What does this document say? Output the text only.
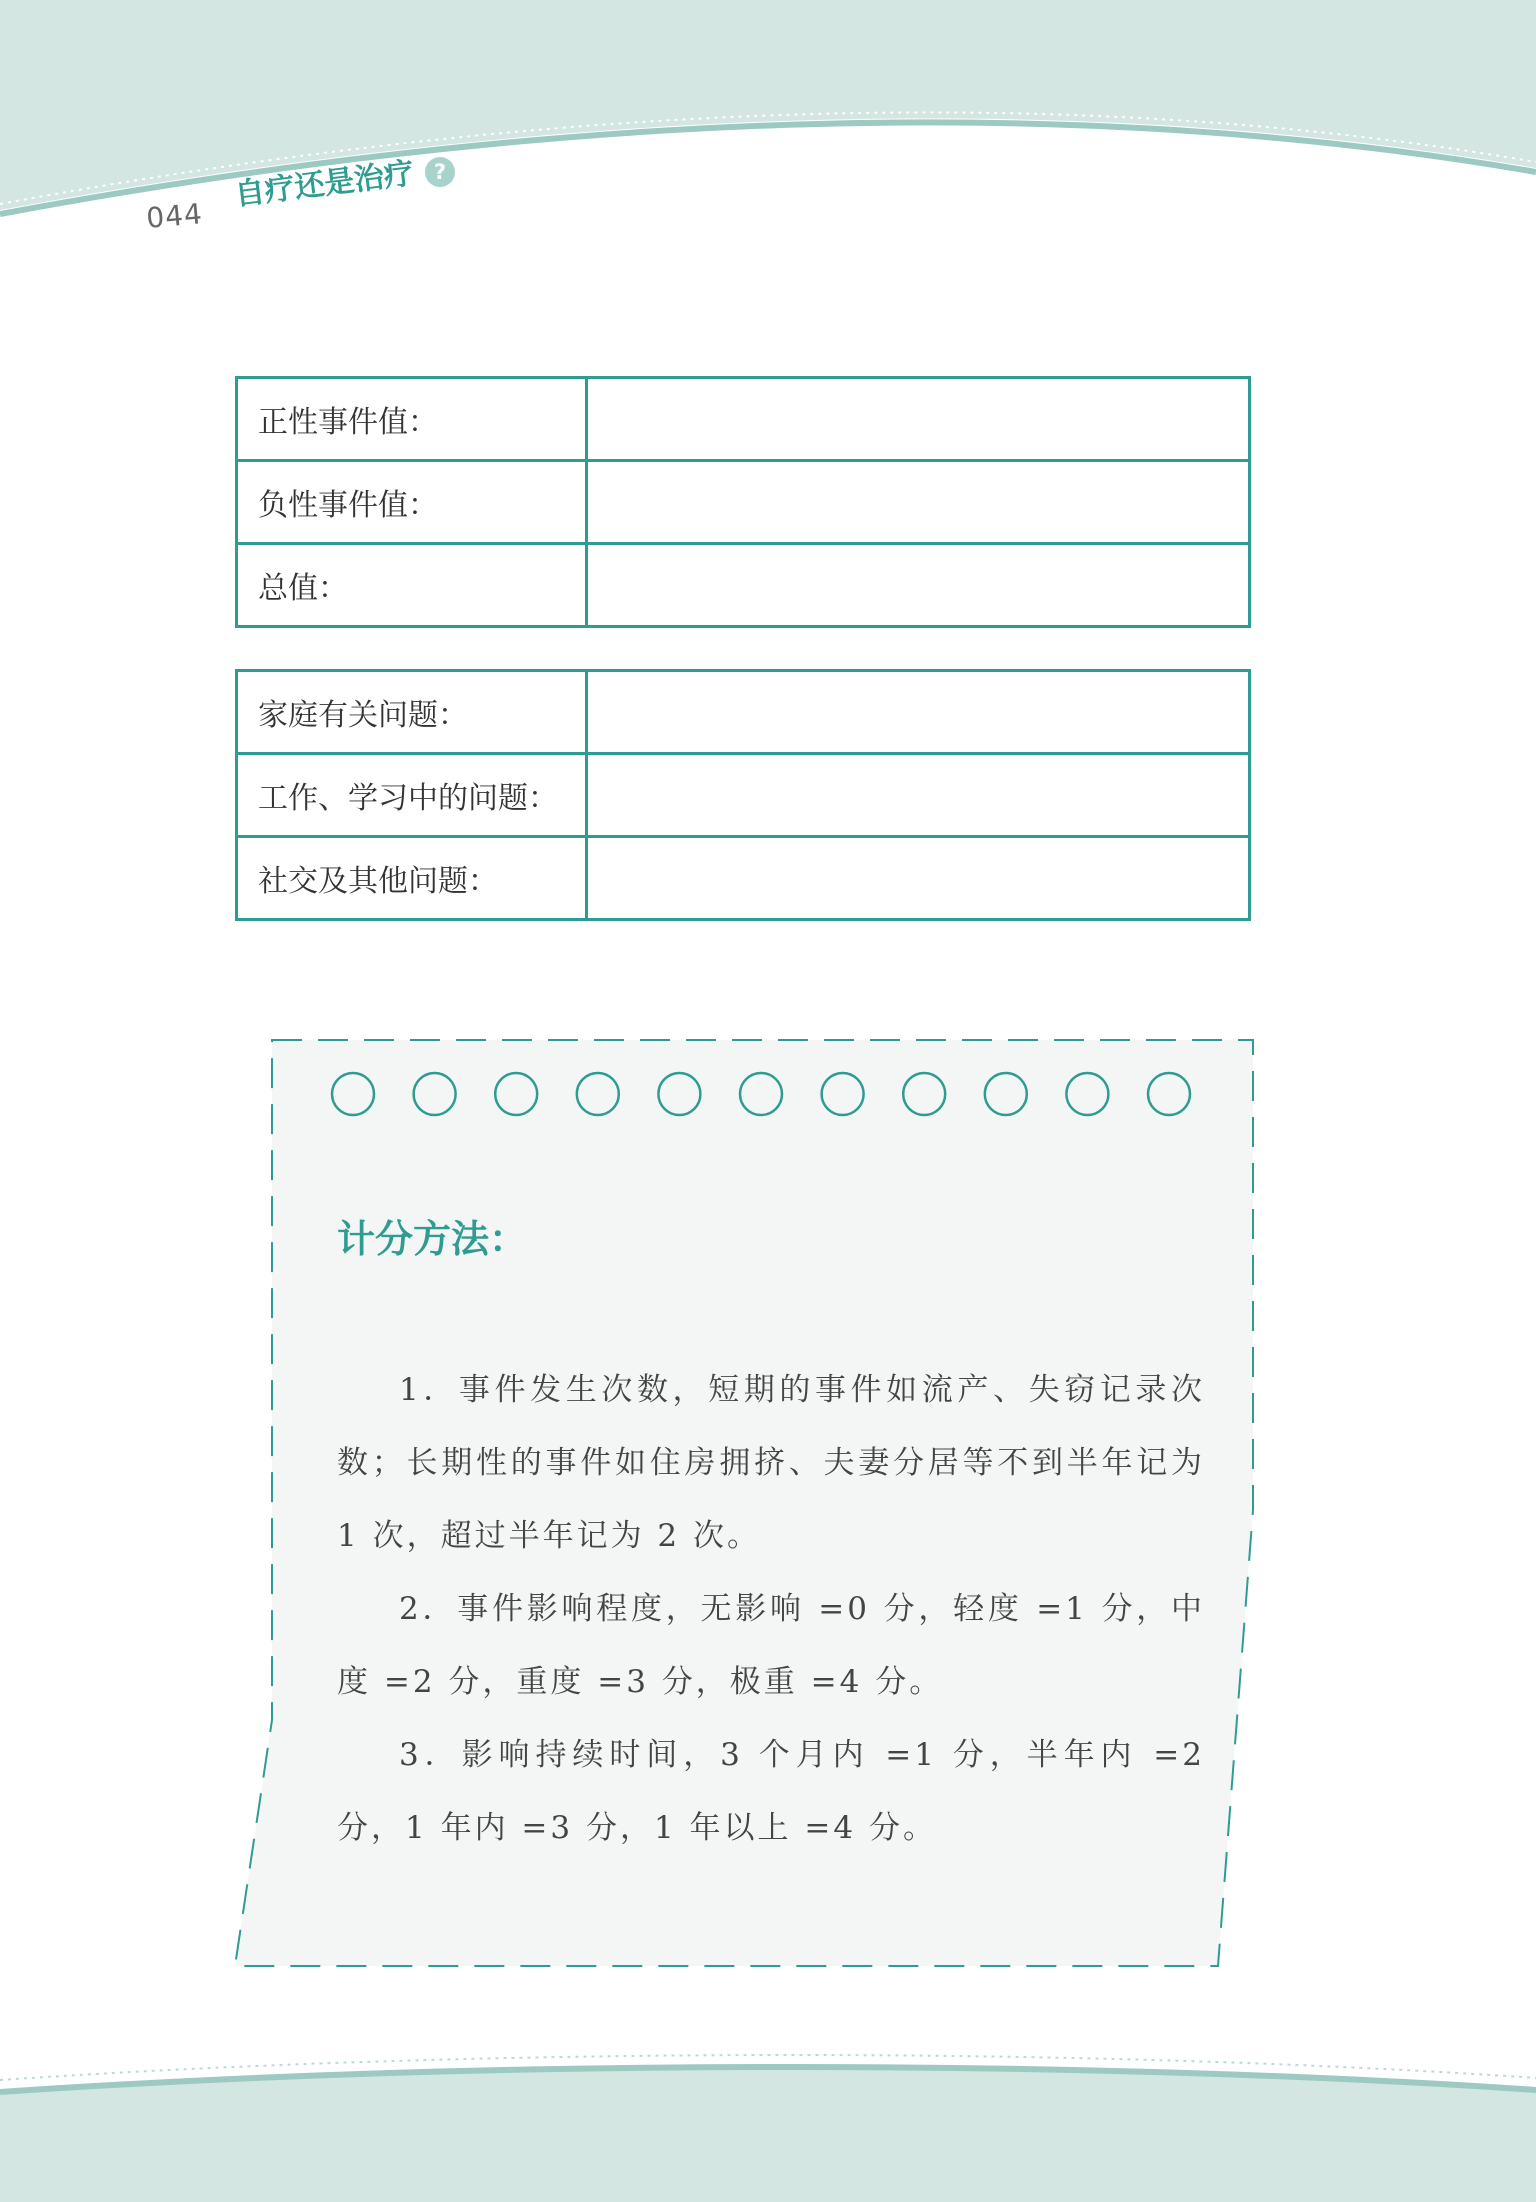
044
自疗还是治疗 ?
正性事件值：	
负性事件值：	
总值：	
家庭有关问题：	
工作、学习中的问题：	
社交及其他问题：	
计分方法：

1．事件发生次数，短期的事件如流产、失窃记录次数；长期性的事件如住房拥挤、夫妻分居等不到半年记为 1 次，超过半年记为 2 次。

2．事件影响程度，无影响 =0 分，轻度 =1 分，中度 =2 分，重度 =3 分，极重 =4 分。

3．影响持续时间，3 个月内 =1 分，半年内 =2 分，1 年内 =3 分，1 年以上 =4 分。
